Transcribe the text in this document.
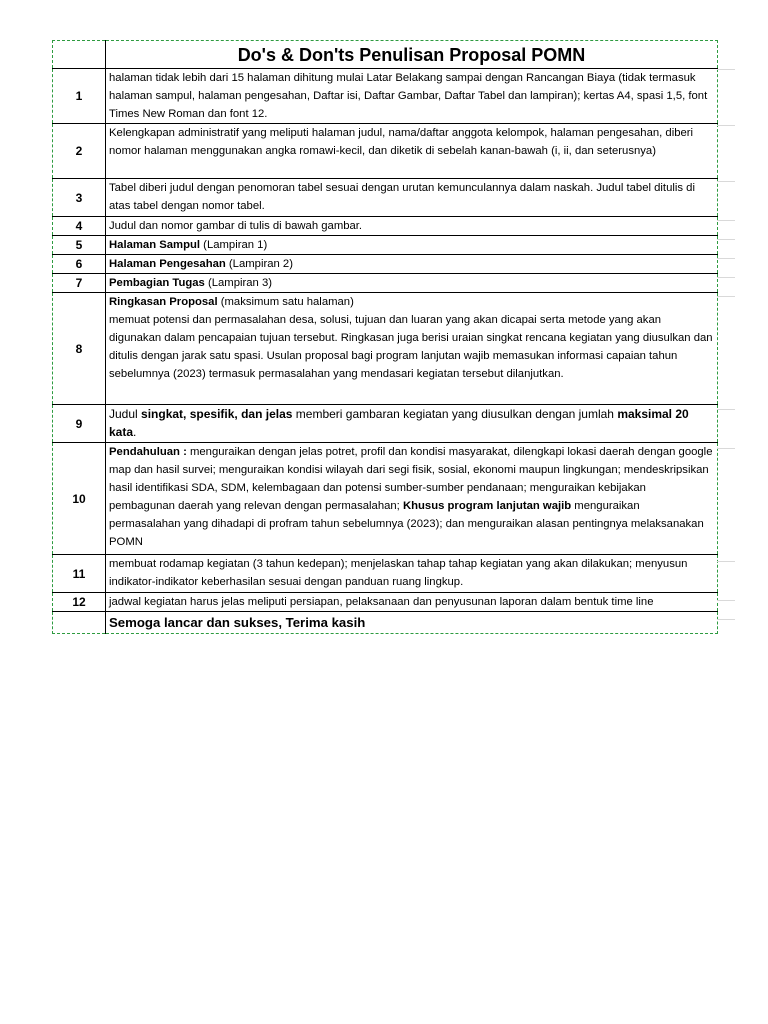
	Do's & Don'ts Penulisan Proposal POMN
1	halaman tidak lebih dari 15 halaman dihitung mulai Latar Belakang sampai dengan Rancangan Biaya (tidak termasuk halaman sampul, halaman pengesahan, Daftar isi, Daftar Gambar, Daftar Tabel dan lampiran); kertas A4, spasi 1,5, font Times New Roman dan font 12.
2	Kelengkapan administratif yang meliputi halaman judul, nama/daftar anggota kelompok, halaman pengesahan, diberi nomor halaman menggunakan angka romawi-kecil, dan diketik di sebelah kanan-bawah (i, ii, dan seterusnya)
3	Tabel diberi judul dengan penomoran tabel sesuai dengan urutan kemunculannya dalam naskah. Judul tabel ditulis di atas tabel dengan nomor tabel.
4	Judul dan nomor gambar di tulis di bawah gambar.
5	Halaman Sampul (Lampiran 1)
6	Halaman Pengesahan (Lampiran 2)
7	Pembagian Tugas (Lampiran 3)
8	Ringkasan Proposal (maksimum satu halaman)
memuat potensi dan permasalahan desa, solusi, tujuan dan luaran yang akan dicapai serta metode yang akan digunakan dalam pencapaian tujuan tersebut. Ringkasan juga berisi uraian singkat rencana kegiatan yang diusulkan dan ditulis dengan jarak satu spasi. Usulan proposal bagi program lanjutan wajib memasukan informasi capaian tahun sebelumnya (2023) termasuk permasalahan yang mendasari kegiatan tersebut dilanjutkan.
9	Judul singkat, spesifik, dan jelas memberi gambaran kegiatan yang diusulkan dengan jumlah maksimal 20 kata.
10	Pendahuluan : menguraikan dengan jelas potret, profil dan kondisi masyarakat, dilengkapi lokasi daerah dengan google map dan hasil survei; menguraikan kondisi wilayah dari segi fisik, sosial, ekonomi maupun lingkungan; mendeskripsikan hasil identifikasi SDA, SDM, kelembagaan dan potensi sumber-sumber pendanaan; menguraikan kebijakan pembagunan daerah yang relevan dengan permasalahan; Khusus program lanjutan wajib menguraikan permasalahan yang dihadapi di profram tahun sebelumnya (2023); dan menguraikan alasan pentingnya melaksanakan POMN
11	membuat rodamap kegiatan (3 tahun kedepan); menjelaskan tahap tahap kegiatan yang akan dilakukan; menyusun indikator-indikator keberhasilan sesuai dengan panduan ruang lingkup.
12	jadwal kegiatan harus jelas meliputi persiapan, pelaksanaan dan penyusunan laporan dalam bentuk time line
	Semoga lancar dan sukses, Terima kasih
